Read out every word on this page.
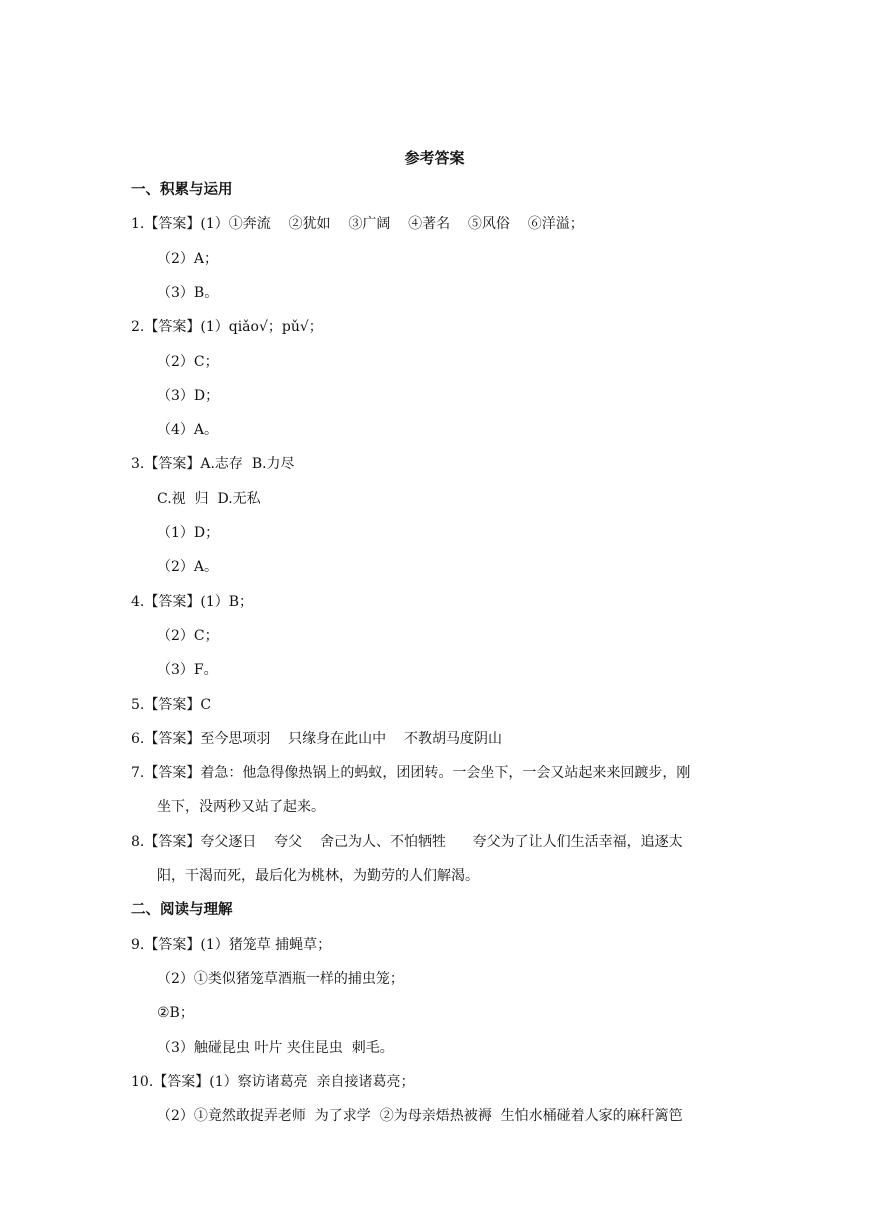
参考答案
一、积累与运用
1.【答案】(1）①奔流    ②犹如    ③广阔    ④著名    ⑤风俗    ⑥洋溢；
（2）A；
（3）B。
2.【答案】(1）qiǎo√；pǔ√；
（2）C；
（3）D；
（4）A。
3.【答案】A.志存  B.力尽
C.视  归  D.无私
（1）D；
（2）A。
4.【答案】(1）B；
（2）C；
（3）F。
5.【答案】C
6.【答案】至今思项羽    只缘身在此山中    不教胡马度阴山
7.【答案】着急：他急得像热锅上的蚂蚁，团团转。一会坐下，一会又站起来来回踱步，刚
坐下，没两秒又站了起来。
8.【答案】夸父逐日    夸父    舍己为人、不怕牺牲      夸父为了让人们生活幸福，追逐太
阳，干渴而死，最后化为桃林，为勤劳的人们解渴。
二、阅读与理解
9.【答案】(1）猪笼草 捕蝇草；
（2）①类似猪笼草酒瓶一样的捕虫笼；
②B；
（3）触碰昆虫 叶片 夹住昆虫  刺毛。
10.【答案】(1）察访诸葛亮  亲自接诸葛亮；
（2）①竟然敢捉弄老师  为了求学  ②为母亲焐热被褥  生怕水桶碰着人家的麻秆篱笆
